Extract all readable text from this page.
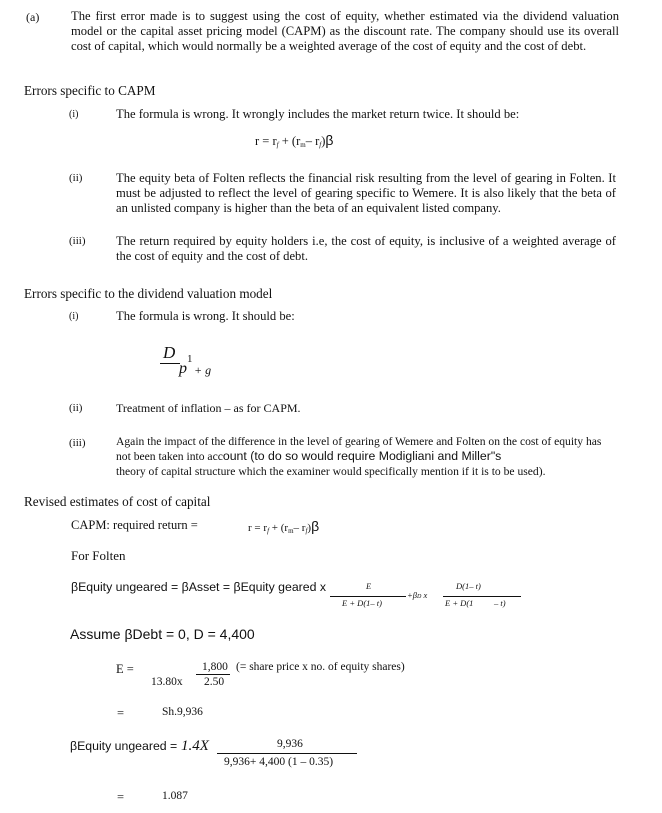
(a)	The first error made is to suggest using the cost of equity, whether estimated via the dividend valuation model or the capital asset pricing model (CAPM) as the discount rate. The company should use its overall cost of capital, which would normally be a weighted average of the cost of equity and the cost of debt.
Errors specific to CAPM
(i)	The formula is wrong. It wrongly includes the market return twice. It should be:
r = rf + (rm– rf)β
(ii)	The equity beta of Folten reflects the financial risk resulting from the level of gearing in Folten. It must be adjusted to reflect the level of gearing specific to Wemere. It is also likely that the beta of an unlisted company is higher than the beta of an equivalent listed company.
(iii) The return required by equity holders i.e, the cost of equity, is inclusive of a weighted average of the cost of equity and the cost of debt.
Errors specific to the dividend valuation model
(i)	The formula is wrong. It should be:
D 1
p + g
(ii)	Treatment of inflation – as for CAPM.
(iii)	Again the impact of the difference in the level of gearing of Wemere and Folten on the cost of equity has not been taken into account (to do so would require Modigliani and Miller"s
theory of capital structure which the examiner would specifically mention if it is to be used).
Revised estimates of cost of capital
CAPM: required return =	r = rf + (rm– rf)β
For Folten
βEquity ungeared = βAsset = βEquity geared x	E
E + D(1– t)
+βD x
D(1– t)
E + D(1 – t)
Assume βDebt = 0, D = 4,400
E =	1,800
13.80x 2.50
(= share price x no. of equity shares)
=	Sh.9,936
βEquity ungeared = 1.4X	9,936
9,936+ 4,400 (1 – 0.35)
=	1.087
